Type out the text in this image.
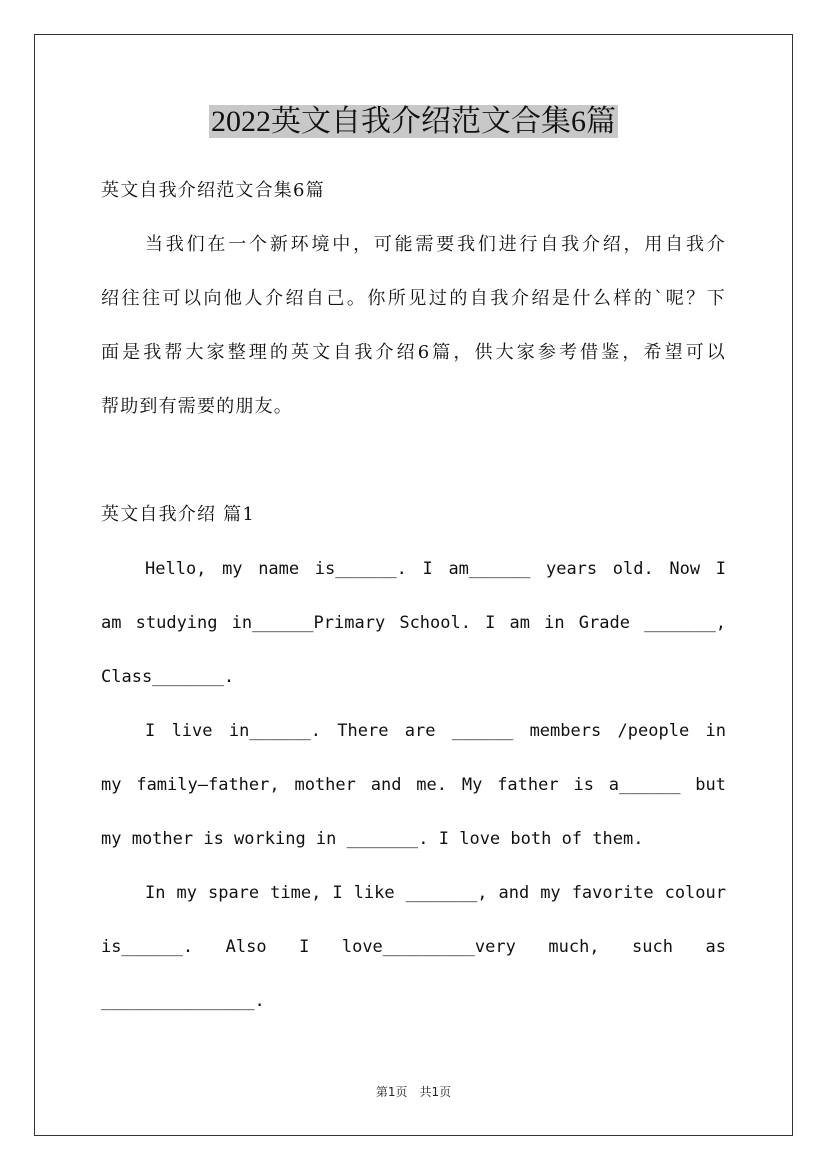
2022英文自我介绍范文合集6篇
英文自我介绍范文合集6篇
当我们在一个新环境中，可能需要我们进行自我介绍，用自我介
绍往往可以向他人介绍自己。你所见过的自我介绍是什么样的`呢？下
面是我帮大家整理的英文自我介绍6篇，供大家参考借鉴，希望可以
帮助到有需要的朋友。
英文自我介绍 篇1
Hello, my name is______. I am______ years old. Now I
am studying in______Primary School. I am in Grade _______,
Class_______.
I live in______. There are ______ members /people in
my family—father, mother and me. My father is a______ but
my mother is working in _______. I love both of them.
In my spare time, I like _______, and my favorite colour
is______. Also I love_________very much, such as
_______________.
第1页 共1页
